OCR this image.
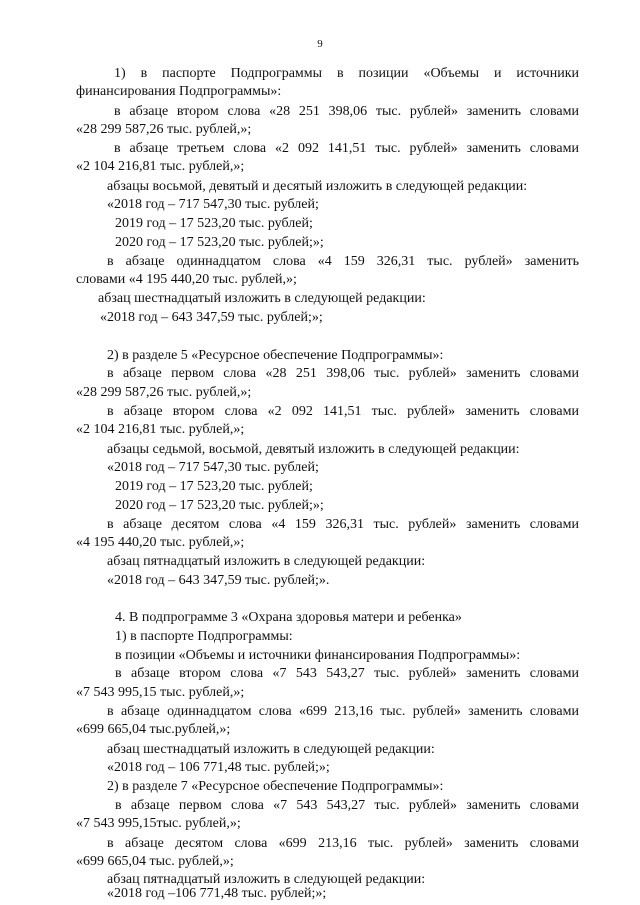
9
1) в паспорте Подпрограммы в позиции «Объемы и источники
финансирования Подпрограммы»:
в абзаце втором слова «28 251 398,06 тыс. рублей» заменить словами
«28 299 587,26 тыс. рублей,»;
в абзаце третьем слова «2 092 141,51 тыс. рублей» заменить словами
«2 104 216,81 тыс. рублей,»;
абзацы восьмой, девятый и десятый изложить в следующей редакции:
«2018 год – 717 547,30 тыс. рублей;
2019 год – 17 523,20 тыс. рублей;
2020 год – 17 523,20 тыс. рублей;»;
в абзаце одиннадцатом слова «4 159 326,31 тыс. рублей» заменить
словами «4 195 440,20 тыс. рублей,»;
абзац шестнадцатый изложить в следующей редакции:
«2018 год – 643 347,59 тыс. рублей;»;
2) в разделе 5 «Ресурсное обеспечение Подпрограммы»:
в абзаце первом слова «28 251 398,06 тыс. рублей» заменить словами
«28 299 587,26 тыс. рублей,»;
в абзаце втором слова «2 092 141,51 тыс. рублей» заменить словами
«2 104 216,81 тыс. рублей,»;
абзацы седьмой, восьмой, девятый изложить в следующей редакции:
«2018 год – 717 547,30 тыс. рублей;
2019 год – 17 523,20 тыс. рублей;
2020 год – 17 523,20 тыс. рублей;»;
в абзаце десятом слова «4 159 326,31 тыс. рублей» заменить словами
«4 195 440,20 тыс. рублей,»;
абзац пятнадцатый изложить в следующей редакции:
«2018 год – 643 347,59 тыс. рублей;».
4. В подпрограмме 3 «Охрана здоровья матери и ребенка»
1) в паспорте Подпрограммы:
в позиции «Объемы и источники финансирования Подпрограммы»:
в абзаце втором слова «7 543 543,27 тыс. рублей» заменить словами
«7 543 995,15 тыс. рублей,»;
в абзаце одиннадцатом слова «699 213,16 тыс. рублей» заменить словами
«699 665,04 тыс.рублей,»;
абзац шестнадцатый изложить в следующей редакции:
«2018 год – 106 771,48 тыс. рублей;»;
2) в разделе 7 «Ресурсное обеспечение Подпрограммы»:
в абзаце первом слова «7 543 543,27 тыс. рублей» заменить словами
«7 543 995,15тыс. рублей,»;
в абзаце десятом слова «699 213,16 тыс. рублей» заменить словами
«699 665,04 тыс. рублей,»;
абзац пятнадцатый изложить в следующей редакции:
«2018 год –106 771,48 тыс. рублей;»;
